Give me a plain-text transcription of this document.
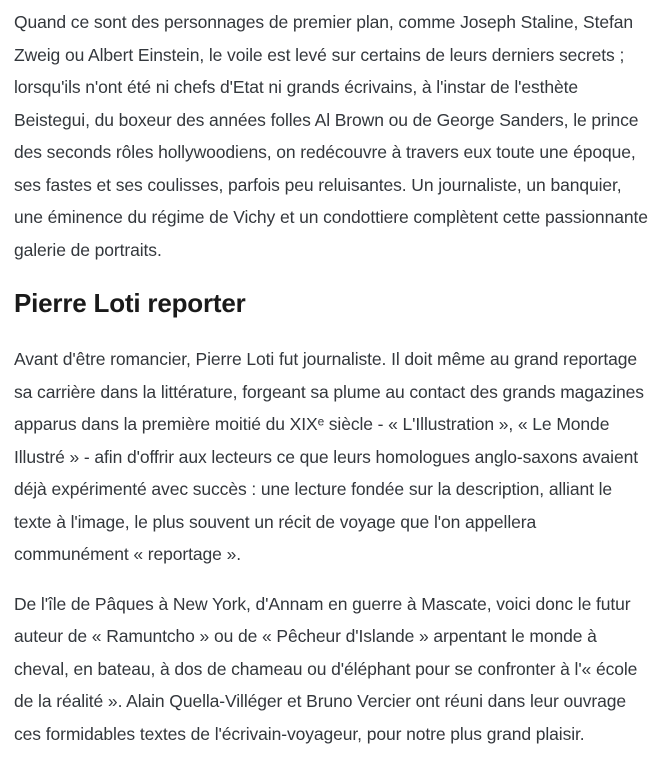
Quand ce sont des personnages de premier plan, comme Joseph Staline, Stefan Zweig ou Albert Einstein, le voile est levé sur certains de leurs derniers secrets ; lorsqu'ils n'ont été ni chefs d'Etat ni grands écrivains, à l'instar de l'esthète Beistegui, du boxeur des années folles Al Brown ou de George Sanders, le prince des seconds rôles hollywoodiens, on redécouvre à travers eux toute une époque, ses fastes et ses coulisses, parfois peu reluisantes. Un journaliste, un banquier, une éminence du régime de Vichy et un condottiere complètent cette passionnante galerie de portraits.

Pierre Loti reporter

Avant d'être romancier, Pierre Loti fut journaliste. Il doit même au grand reportage sa carrière dans la littérature, forgeant sa plume au contact des grands magazines apparus dans la première moitié du XIXᵉ siècle - « L'Illustration », « Le Monde Illustré » - afin d'offrir aux lecteurs ce que leurs homologues anglo-saxons avaient déjà expérimenté avec succès : une lecture fondée sur la description, alliant le texte à l'image, le plus souvent un récit de voyage que l'on appellera communément « reportage ».

De l'île de Pâques à New York, d'Annam en guerre à Mascate, voici donc le futur auteur de « Ramuntcho » ou de « Pêcheur d'Islande » arpentant le monde à cheval, en bateau, à dos de chameau ou d'éléphant pour se confronter à l'« école de la réalité ». Alain Quella-Villéger et Bruno Vercier ont réuni dans leur ouvrage ces formidables textes de l'écrivain-voyageur, pour notre plus grand plaisir.
